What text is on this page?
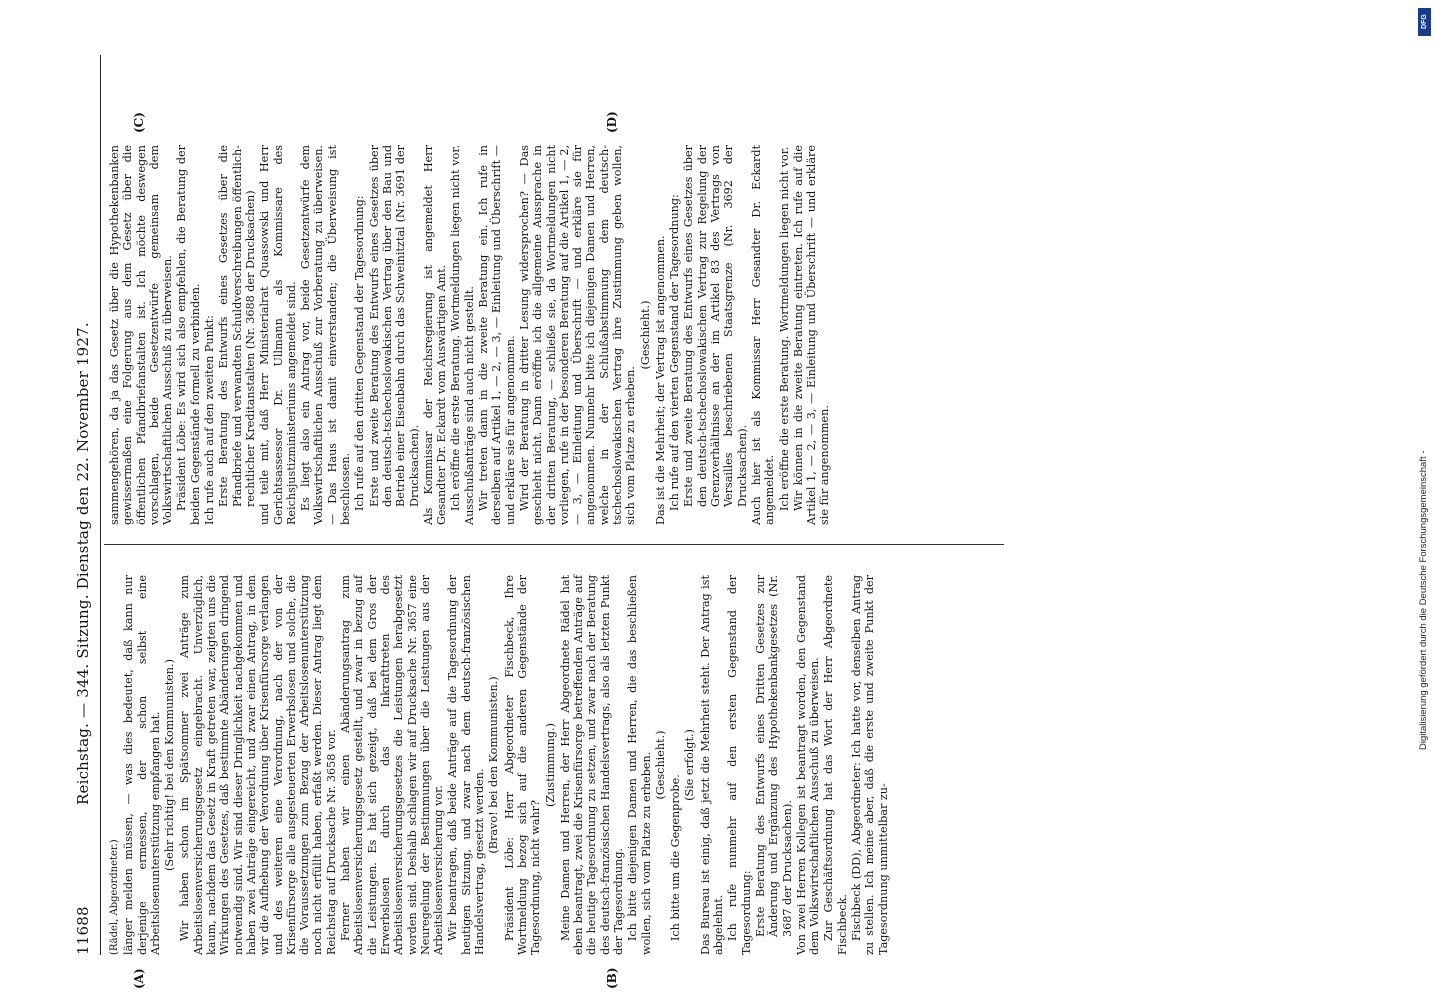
11688
Reichstag. — 344. Sitzung. Dienstag den 22. November 1927.
(A)	(B)
(C)	(D)

(Rädel, Abgeordneter.) länger melden müssen, — was dies bedeutet, daß kann nur derjenige ermessen, der schon selbst eine Arbeitslosenunterstützung empfangen hat. (Sehr richtig! bei den Kommunisten.) Wir haben schon im Spätsommer zwei Anträge zum Arbeitslosenversicherungsgesetz eingebracht. Unverzüglich, kaum, nachdem das Gesetz in Kraft getreten war, zeigten uns die Wirkungen des Gesetzes, daß bestimmte Abänderungen dringend notwendig sind. Wir sind dieser Dringlichkeit nachgekommen und haben zwei Anträge eingereicht, und zwar einen Antrag, in dem wir die Aufhebung der Verordnung über Krisenfürsorge verlangen und des weiteren eine Verordnung, nach der von der Krisenfürsorge alle ausgesteuerten Erwerbslosen und solche, die die Voraussetzungen zum Bezug der Arbeitslosenunterstützung noch nicht erfüllt haben, erfaßt werden. Dieser Antrag liegt dem Reichstag auf Drucksache Nr. 3658 vor. Ferner haben wir einen Abänderungsantrag zum Arbeitslosenversicherungsgesetz gestellt, und zwar in bezug auf die Leistungen. Es hat sich gezeigt, daß bei dem Gros der Erwerbslosen durch das Inkrafttreten des Arbeitslosenversicherungsgesetzes die Leistungen herabgesetzt worden sind. Deshalb schlagen wir auf Drucksache Nr. 3657 eine Neuregelung der Bestimmungen über die Leistungen aus der Arbeitslosenversicherung vor. Wir beantragen, daß beide Anträge auf die Tagesordnung der heutigen Sitzung, und zwar nach dem deutsch-französischen Handelsvertrag, gesetzt werden.

(Bravo! bei den Kommunisten.) Präsident Löbe: Herr Abgeordneter Fischbeck, Ihre Wortmeldung bezog sich auf die anderen Gegenstände der Tagesordnung, nicht wahr?

(Zustimmung.) Meine Damen und Herren, der Herr Abgeordnete Rädel hat eben beantragt, zwei die Krisenfürsorge betreffenden Anträge auf die heutige Tagesordnung zu setzen, und zwar nach der Beratung des deutsch-französischen Handelsvertrags, also als letzten Punkt der Tagesordnung. Ich bitte diejenigen Damen und Herren, die das beschließen wollen, sich vom Platze zu erheben. (Geschieht.)

Ich bitte um die Gegenprobe.

(Sie erfolgt.) Das Bureau ist einig, daß jetzt die Mehrheit steht. Der Antrag ist abgelehnt. Ich rufe nunmehr auf den ersten Gegenstand der Tagesordnung: Erste Beratung des Entwurfs eines Dritten Gesetzes zur Änderung und Ergänzung des Hypothekenbankgesetzes (Nr. 3687 der Drucksachen). Von zwei Herren Kollegen ist beantragt worden, den Gegenstand dem Volkswirtschaftlichen Ausschuß zu überweisen. Zur Geschäftsordnung hat das Wort der Herr Abgeordnete Fischbeck. Fischbeck (DD), Abgeordneter: Ich hatte vor, denselben Antrag zu stellen. Ich meine aber, daß die erste und zweite Punkt der Tagesordnung unmittelbar zu-

sammengehören, da ja das Gesetz über die Hypothekenbanken gewissermaßen eine Folgerung aus dem Gesetz über die öffentlichen Pfandbriefanstalten ist. Ich möchte deswegen vorschlagen, beide Gesetzentwürfe gemeinsam dem Volkswirtschaftlichen Ausschuß zu überweisen. Präsident Löbe: Es wird sich also empfehlen, die Beratung der beiden Gegenstände formell zu verbinden. Ich rufe auch auf den zweiten Punkt: Erste Beratung des Entwurfs eines Gesetzes über die Pfandbriefe und verwandten Schuldverschreibungen öffentlich-rechtlicher Kreditanstalten (Nr. 3688 der Drucksachen) und teile mit, daß Herr Ministerialrat Quassowski und Herr Gerichtsassessor Dr. Ullmann als Kommissare des Reichsjustizministeriums angemeldet sind. Es liegt also ein Antrag vor, beide Gesetzentwürfe dem Volkswirtschaftlichen Ausschuß zur Vorberatung zu überweisen. — Das Haus ist damit einverstanden; die Überweisung ist beschlossen. Ich rufe auf den dritten Gegenstand der Tagesordnung: Erste und zweite Beratung des Entwurfs eines Gesetzes über den deutsch-tschechoslowakischen Vertrag über den Bau und Betrieb einer Eisenbahn durch das Schweinitztal (Nr. 3691 der Drucksachen). Als Kommissar der Reichsregierung ist angemeldet Herr Gesandter Dr. Eckardt vom Auswärtigen Amt. Ich eröffne die erste Beratung. Wortmeldungen liegen nicht vor. Ausschußanträge sind auch nicht gestellt. Wir treten dann in die zweite Beratung ein. Ich rufe in derselben auf Artikel 1, — 2, — 3, — Einleitung und Überschrift — und erkläre sie für angenommen. Wird der Beratung in dritter Lesung widersprochen? — Das geschieht nicht. Dann eröffne ich die allgemeine Aussprache in der dritten Beratung, — schließe sie, da Wortmeldungen nicht vorliegen, rufe in der besonderen Beratung auf die Artikel 1, — 2, — 3, — Einleitung und Überschrift — und erkläre sie für angenommen. Nunmehr bitte ich diejenigen Damen und Herren, welche in der Schlußabstimmung dem deutsch-tschechoslowakischen Vertrag ihre Zustimmung geben wollen, sich vom Platze zu erheben.

(Geschieht.) Das ist die Mehrheit; der Vertrag ist angenommen. Ich rufe auf den vierten Gegenstand der Tagesordnung: Erste und zweite Beratung des Entwurfs eines Gesetzes über den deutsch-tschechoslowakischen Vertrag zur Regelung der Grenzverhältnisse an der im Artikel 83 des Vertrags von Versailles beschriebenen Staatsgrenze (Nr. 3692 der Drucksachen). Auch hier ist als Kommissar Herr Gesandter Dr. Eckardt angemeldet. Ich eröffne die erste Beratung. Wortmeldungen liegen nicht vor. Wir können in die zweite Beratung eintreten. Ich rufe auf die Artikel 1, — 2, — 3, — Einleitung und Überschrift — und erkläre sie für angenommen.	Digitalisierung gefördert durch die Deutsche Forschungsgemeinschaft -
DFG
